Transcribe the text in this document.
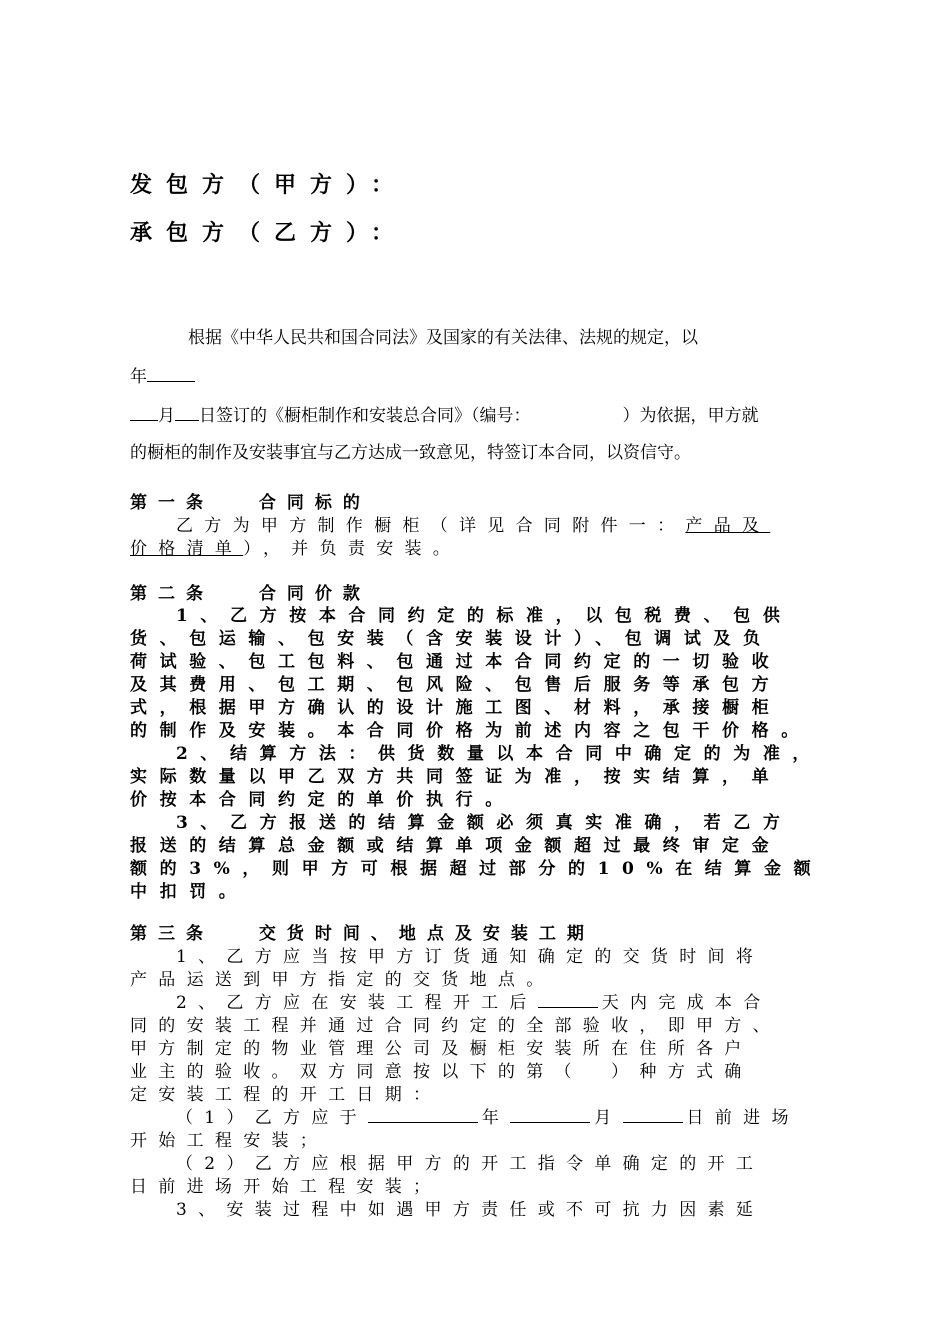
发包方（甲方）：
承包方（乙方）：
根据《中华人民共和国合同法》及国家的有关法律、法规的规定，以
年
月 日签订的《橱柜制作和安装总合同》（编号：	）为依据，甲方就
的橱柜的制作及安装事宜与乙方达成一致意见，特签订本合同，以资信守。
第一条　 合同标的
乙方为甲方制作橱柜（详见合同附件一：产品及
价格清单），并负责安装。
第二条　 合同价款
1、乙方按本合同约定的标准，以包税费、包供
货、包运输、包安装（含安装设计）、包调试及负
荷试验、包工包料、包通过本合同约定的一切验收
及其费用、包工期、包风险、包售后服务等承包方
式，根据甲方确认的设计施工图、材料，承接橱柜
的制作及安装。本合同价格为前述内容之包干价格。
2、结算方法：供货数量以本合同中确定的为准，
实际数量以甲乙双方共同签证为准，按实结算，单
价按本合同约定的单价执行。
3、乙方报送的结算金额必须真实准确，若乙方
报送的结算总金额或结算单项金额超过最终审定金
额的3%，则甲方可根据超过部分的10%在结算金额
中扣罚。
第三条　 交货时间、地点及安装工期
1、乙方应当按甲方订货通知确定的交货时间将
产品运送到甲方指定的交货地点。
2、乙方应在安装工程开工后	天内完成本合
同的安装工程并通过合同约定的全部验收，即甲方、
甲方制定的物业管理公司及橱柜安装所在住所各户
业主的验收。双方同意按以下的第（　）种方式确
定安装工程的开工日期：
（1）乙方应于	年	月	日前进场
开始工程安装；
（2）乙方应根据甲方的开工指令单确定的开工
日前进场开始工程安装；
3、安装过程中如遇甲方责任或不可抗力因素延
